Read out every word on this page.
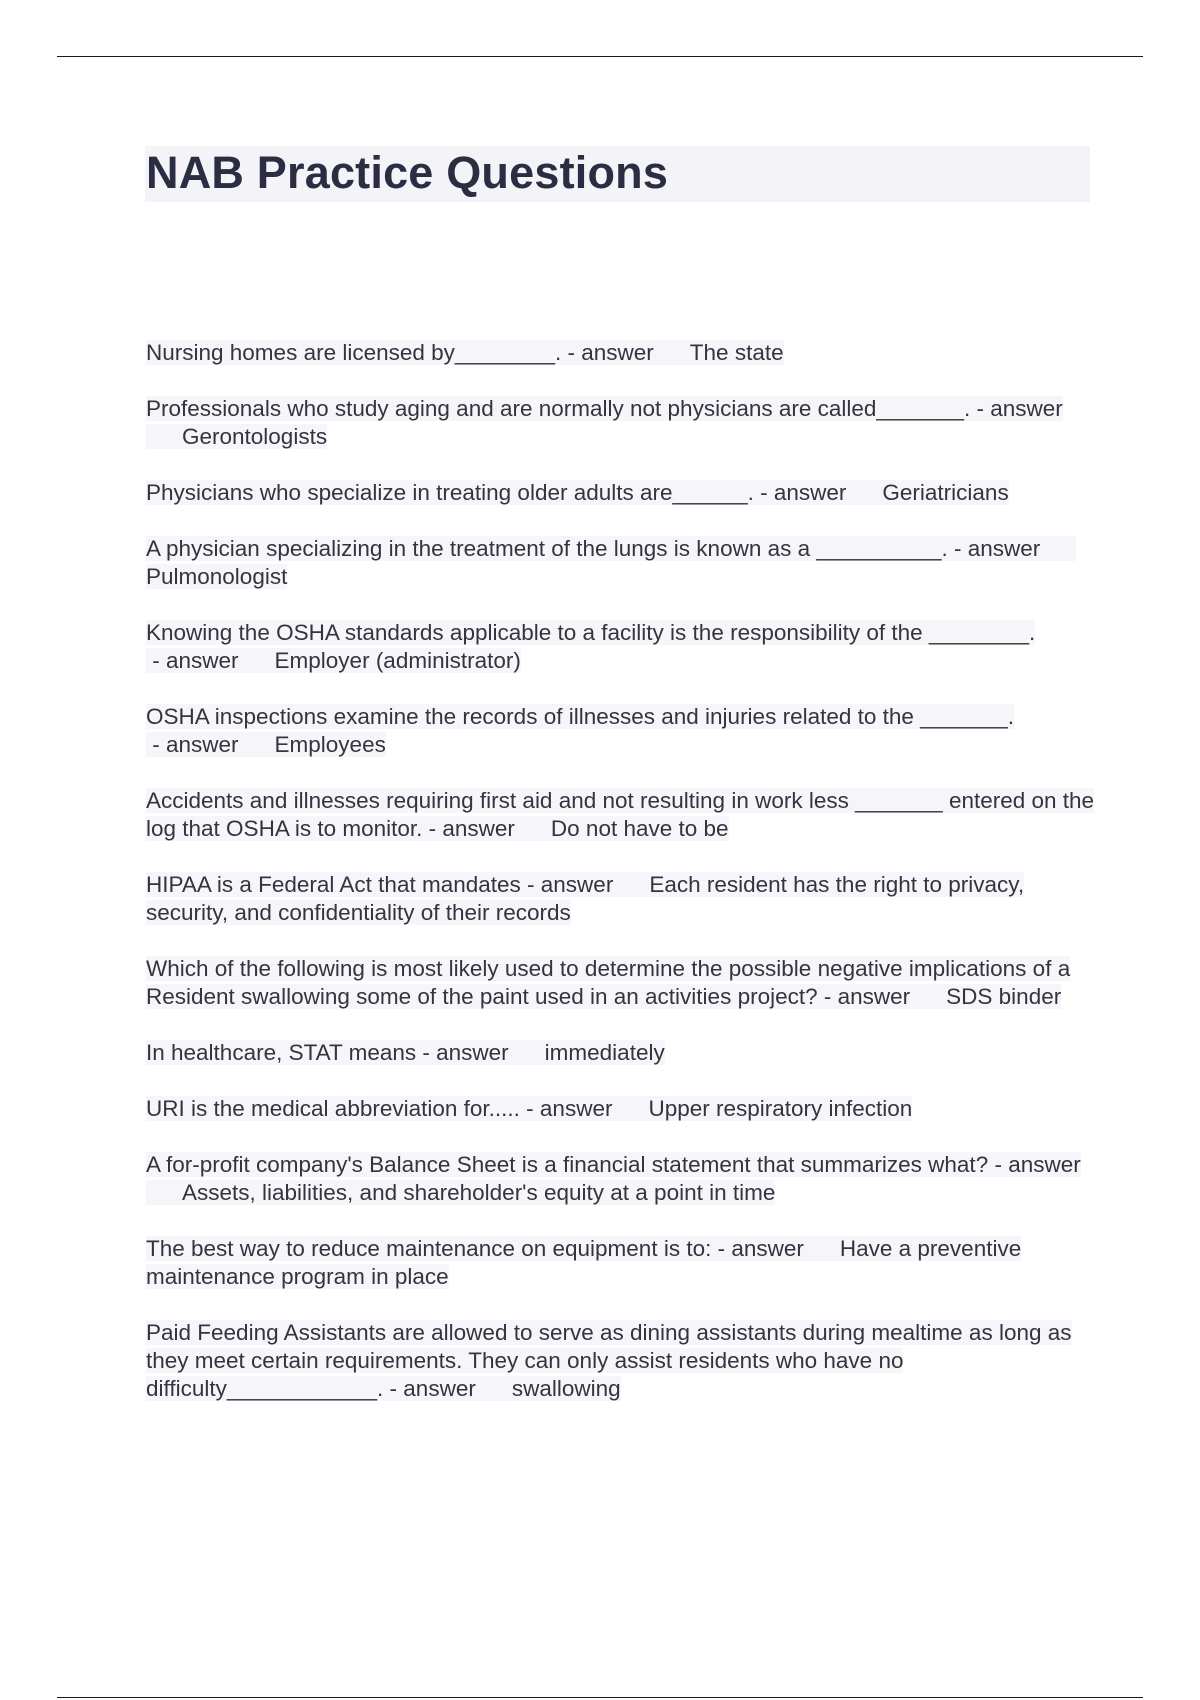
NAB Practice Questions
Nursing homes are licensed by________. - answer The state
Professionals who study aging and are normally not physicians are called_______. - answerGerontologists
Physicians who specialize in treating older adults are______. - answer Geriatricians
A physician specializing in the treatment of the lungs is known as a __________. - answerPulmonologist
Knowing the OSHA standards applicable to a facility is the responsibility of the ________. - answer Employer (administrator)
OSHA inspections examine the records of illnesses and injuries related to the _______. - answer Employees
Accidents and illnesses requiring first aid and not resulting in work less _______ entered on the log that OSHA is to monitor. - answer Do not have to be
HIPAA is a Federal Act that mandates - answer Each resident has the right to privacy, security, and confidentiality of their records
Which of the following is most likely used to determine the possible negative implications of a Resident swallowing some of the paint used in an activities project? - answer SDS binder
In healthcare, STAT means - answer immediately
URI is the medical abbreviation for..... - answer Upper respiratory infection
A for-profit company's Balance Sheet is a financial statement that summarizes what? - answerAssets, liabilities, and shareholder's equity at a point in time
The best way to reduce maintenance on equipment is to: - answer Have a preventive maintenance program in place
Paid Feeding Assistants are allowed to serve as dining assistants during mealtime as long as they meet certain requirements. They can only assist residents who have no difficulty____________. - answer swallowing
